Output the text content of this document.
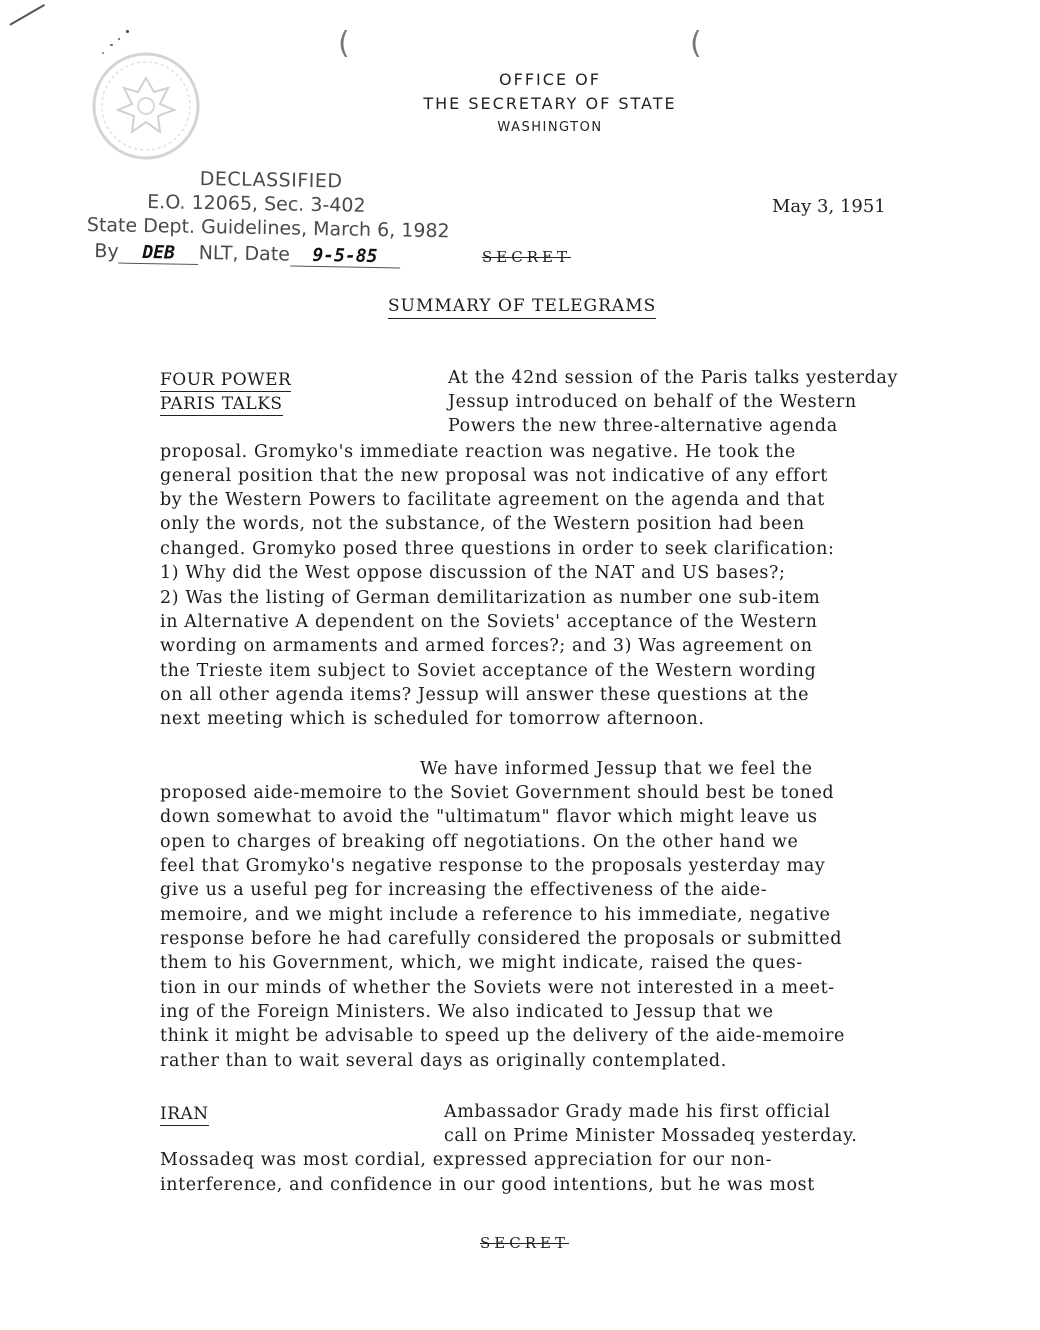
(	(
OFFICE OF
THE SECRETARY OF STATE
WASHINGTON
DECLASSIFIED
E.O. 12065, Sec. 3-402
State Dept. Guidelines, March 6, 1982
By DEB NLT, Date 9-5-85
May 3, 1951
SECRET
SECRET
SUMMARY OF TELEGRAMS
FOUR POWER
PARIS TALKS
At the 42nd session of the Paris talks yesterday
Jessup introduced on behalf of the Western
Powers the new three-alternative agenda
proposal. Gromyko's immediate reaction was negative. He took the
general position that the new proposal was not indicative of any effort
by the Western Powers to facilitate agreement on the agenda and that
only the words, not the substance, of the Western position had been
changed. Gromyko posed three questions in order to seek clarification:
1) Why did the West oppose discussion of the NAT and US bases?;
2) Was the listing of German demilitarization as number one sub-item
in Alternative A dependent on the Soviets' acceptance of the Western
wording on armaments and armed forces?; and 3) Was agreement on
the Trieste item subject to Soviet acceptance of the Western wording
on all other agenda items? Jessup will answer these questions at the
next meeting which is scheduled for tomorrow afternoon.
We have informed Jessup that we feel the
proposed aide-memoire to the Soviet Government should best be toned
down somewhat to avoid the "ultimatum" flavor which might leave us
open to charges of breaking off negotiations. On the other hand we
feel that Gromyko's negative response to the proposals yesterday may
give us a useful peg for increasing the effectiveness of the aide-
memoire, and we might include a reference to his immediate, negative
response before he had carefully considered the proposals or submitted
them to his Government, which, we might indicate, raised the ques-
tion in our minds of whether the Soviets were not interested in a meet-
ing of the Foreign Ministers. We also indicated to Jessup that we
think it might be advisable to speed up the delivery of the aide-memoire
rather than to wait several days as originally contemplated.
IRAN	Ambassador Grady made his first official
call on Prime Minister Mossadeq yesterday.
Mossadeq was most cordial, expressed appreciation for our non-
interference, and confidence in our good intentions, but he was most
